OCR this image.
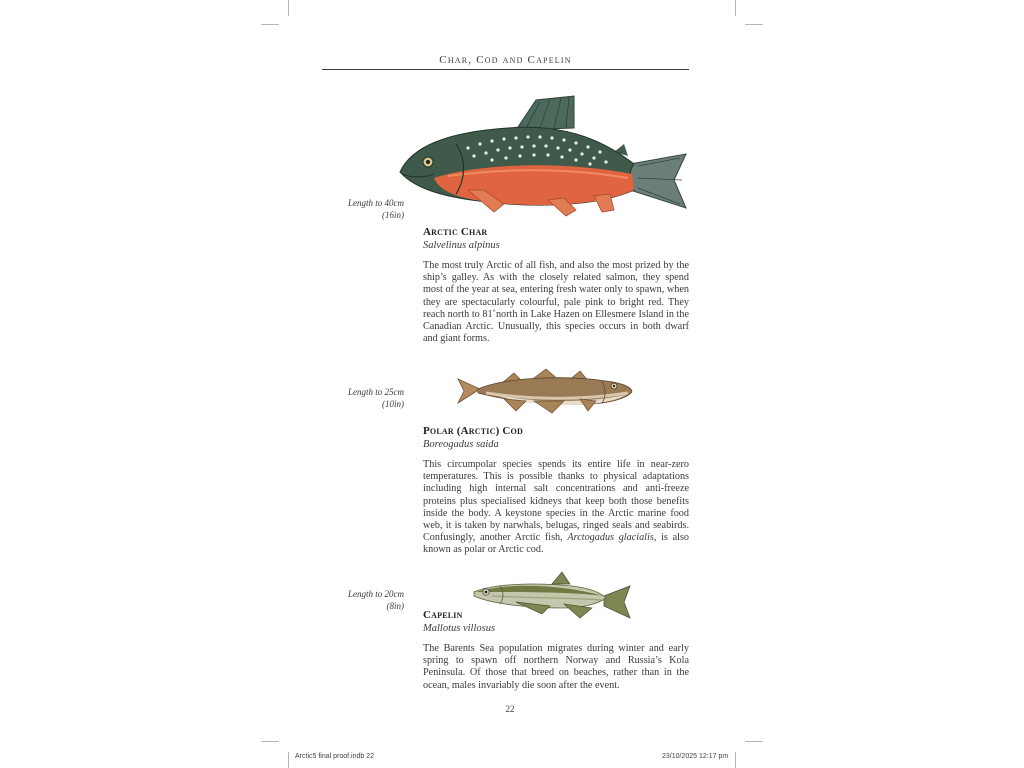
Char, Cod and Capelin
Length to 40cm
(16in)
Arctic Char
Salvelinus alpinus
The most truly Arctic of all fish, and also the most prized by the ship’s galley. As with the closely related salmon, they spend most of the year at sea, entering fresh water only to spawn, when they are spectacularly colourful, pale pink to bright red. They reach north to 81˚north in Lake Hazen on Ellesmere Island in the Canadian Arctic. Unusually, this species occurs in both dwarf and giant forms.
Length to 25cm
(10in)
Polar (Arctic) Cod
Boreogadus saida
This circumpolar species spends its entire life in near-zero temperatures. This is possible thanks to physical adaptations including high internal salt concentrations and anti-freeze proteins plus specialised kidneys that keep both those benefits inside the body. A keystone species in the Arctic marine food web, it is taken by narwhals, belugas, ringed seals and seabirds. Confusingly, another Arctic fish, Arctogadus glacialis, is also known as polar or Arctic cod.
Length to 20cm
(8in)
Capelin
Mallotus villosus
The Barents Sea population migrates during winter and early spring to spawn off northern Norway and Russia’s Kola Peninsula. Of those that breed on beaches, rather than in the ocean, males invariably die soon after the event.
22
Arctic5 final proof.indb 22	23/10/2025 12:17 pm
